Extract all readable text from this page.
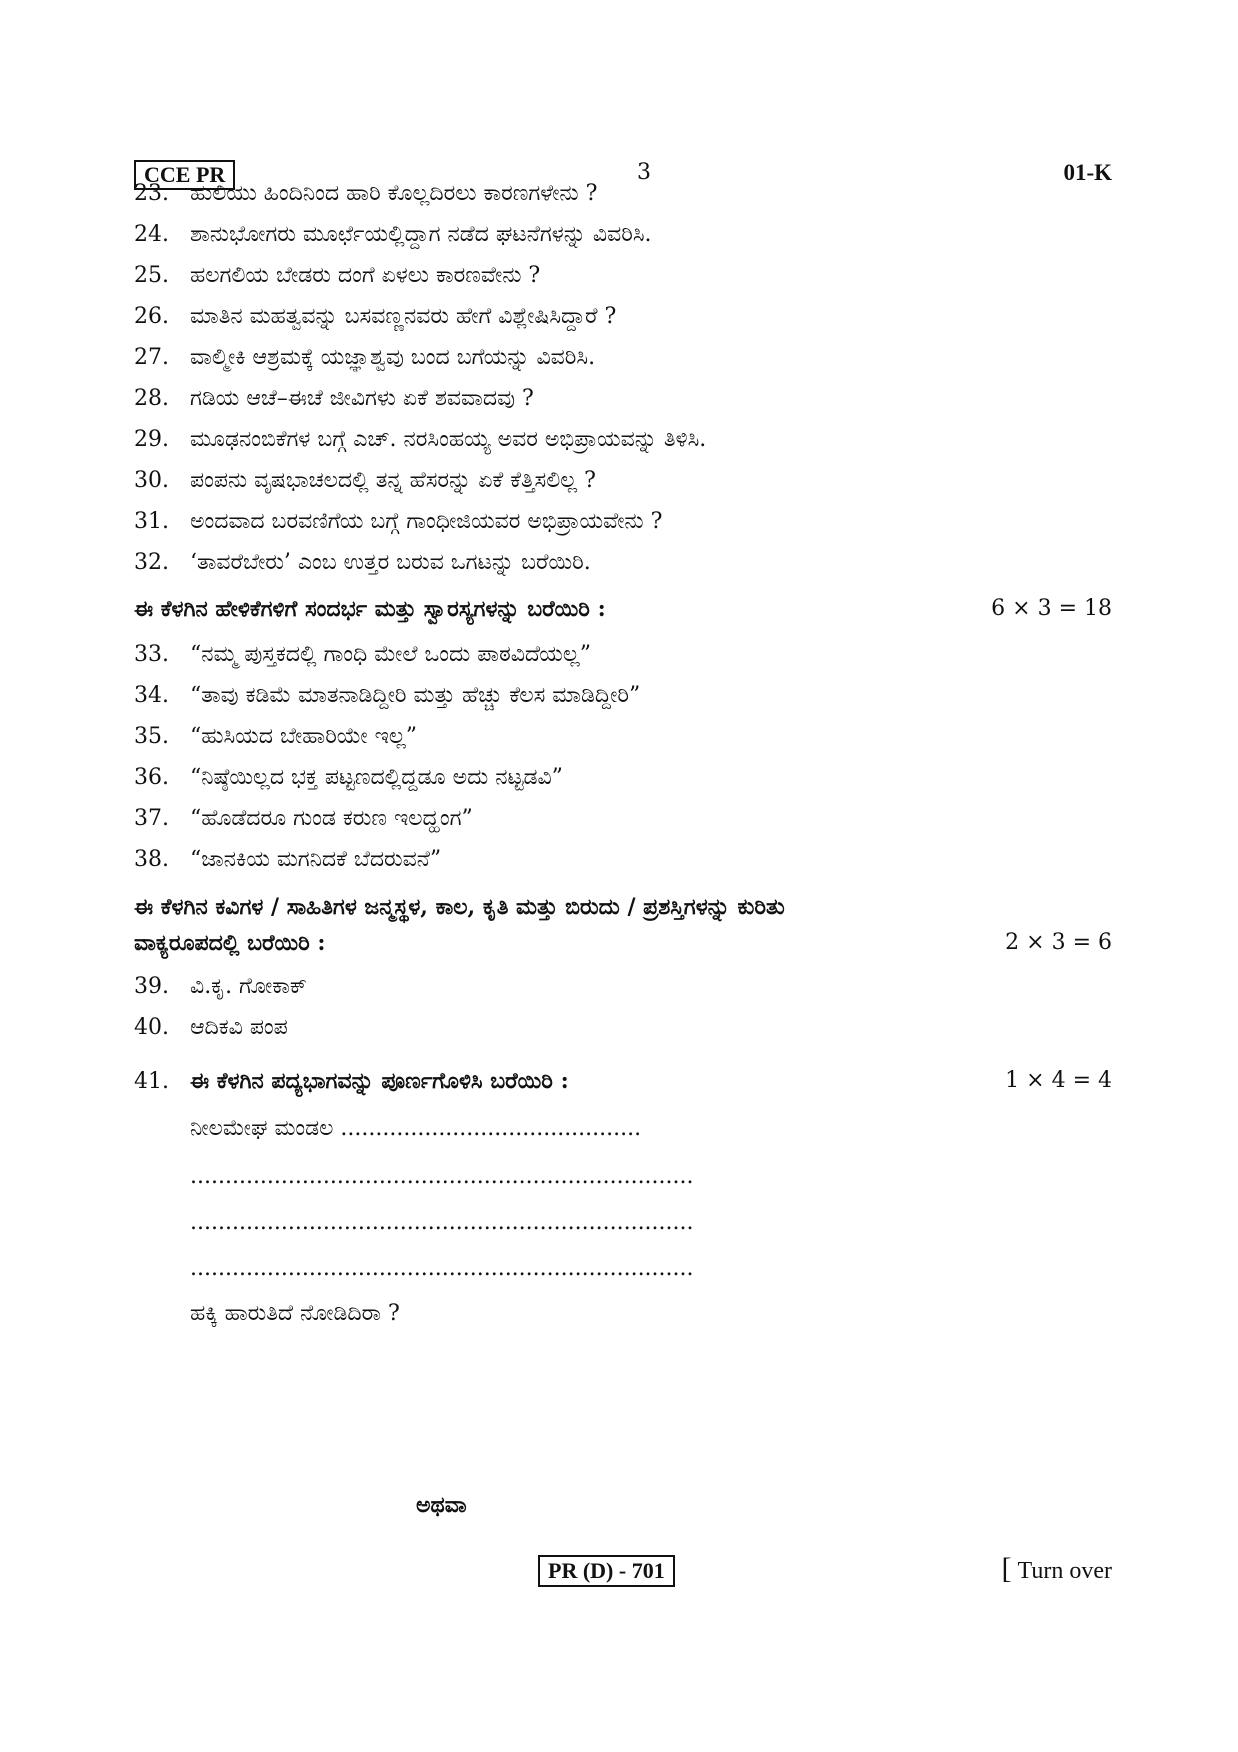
CCE PR	3	01-K
23. ಹುಲಿಯು ಹಿಂದಿನಿಂದ ಹಾರಿ ಕೊಲ್ಲದಿರಲು ಕಾರಣಗಳೇನು ?
24. ಶಾನುಭೋಗರು ಮೂರ್ಛೆಯಲ್ಲಿದ್ದಾಗ ನಡೆದ ಘಟನೆಗಳನ್ನು ವಿವರಿಸಿ.
25. ಹಲಗಲಿಯ ಬೇಡರು ದಂಗೆ ಏಳಲು ಕಾರಣವೇನು ?
26. ಮಾತಿನ ಮಹತ್ವವನ್ನು ಬಸವಣ್ಣನವರು ಹೇಗೆ ವಿಶ್ಲೇಷಿಸಿದ್ದಾರೆ ?
27. ವಾಲ್ಮೀಕಿ ಆಶ್ರಮಕ್ಕೆ ಯಜ್ಞಾಶ್ವವು ಬಂದ ಬಗೆಯನ್ನು ವಿವರಿಸಿ.
28. ಗಡಿಯ ಆಚೆ–ಈಚೆ ಜೀವಿಗಳು ಏಕೆ ಶವವಾದವು ?
29. ಮೂಢನಂಬಿಕೆಗಳ ಬಗ್ಗೆ ಎಚ್. ನರಸಿಂಹಯ್ಯ ಅವರ ಅಭಿಪ್ರಾಯವನ್ನು ತಿಳಿಸಿ.
30. ಪಂಪನು ವೃಷಭಾಚಲದಲ್ಲಿ ತನ್ನ ಹೆಸರನ್ನು ಏಕೆ ಕೆತ್ತಿಸಲಿಲ್ಲ ?
31. ಅಂದವಾದ ಬರವಣಿಗೆಯ ಬಗ್ಗೆ ಗಾಂಧೀಜಿಯವರ ಅಭಿಪ್ರಾಯವೇನು ?
32. ‘ತಾವರೆಬೇರು’ ಎಂಬ ಉತ್ತರ ಬರುವ ಒಗಟನ್ನು ಬರೆಯಿರಿ.
ಈ ಕೆಳಗಿನ ಹೇಳಿಕೆಗಳಿಗೆ ಸಂದರ್ಭ ಮತ್ತು ಸ್ವಾರಸ್ಯಗಳನ್ನು ಬರೆಯಿರಿ :	6 × 3 = 18
33. “ನಮ್ಮ ಪುಸ್ತಕದಲ್ಲಿ ಗಾಂಧಿ ಮೇಲೆ ಒಂದು ಪಾಠವಿದೆಯಲ್ಲ”
34. “ತಾವು ಕಡಿಮೆ ಮಾತನಾಡಿದ್ದೀರಿ ಮತ್ತು ಹೆಚ್ಚು ಕೆಲಸ ಮಾಡಿದ್ದೀರಿ”
35. “ಹುಸಿಯದ ಬೇಹಾರಿಯೇ ಇಲ್ಲ”
36. “ನಿಷ್ಠೆಯಿಲ್ಲದ ಭಕ್ತ ಪಟ್ಟಣದಲ್ಲಿದ್ದಡೂ ಅದು ನಟ್ಟಡವಿ”
37. “ಹೊಡೆದರೂ ಗುಂಡ ಕರುಣ ಇಲದ್ಹಂಗ”
38. “ಜಾನಕಿಯ ಮಗನಿದಕೆ ಬೆದರುವನೆ”
ಈ ಕೆಳಗಿನ ಕವಿಗಳ / ಸಾಹಿತಿಗಳ ಜನ್ಮಸ್ಥಳ, ಕಾಲ, ಕೃತಿ ಮತ್ತು ಬಿರುದು / ಪ್ರಶಸ್ತಿಗಳನ್ನು ಕುರಿತು
ವಾಕ್ಯರೂಪದಲ್ಲಿ ಬರೆಯಿರಿ :	2 × 3 = 6
39. ವಿ.ಕೃ. ಗೋಕಾಕ್
40. ಆದಿಕವಿ ಪಂಪ
41. ಈ ಕೆಳಗಿನ ಪದ್ಯಭಾಗವನ್ನು ಪೂರ್ಣಗೊಳಿಸಿ ಬರೆಯಿರಿ :	1 × 4 = 4
ನೀಲಮೇಘ ಮಂಡಲ ...........................................
........................................................................
........................................................................
........................................................................
ಹಕ್ಕಿ ಹಾರುತಿದೆ ನೋಡಿದಿರಾ ?
ಅಥವಾ
PR (D) - 701	[ Turn over
